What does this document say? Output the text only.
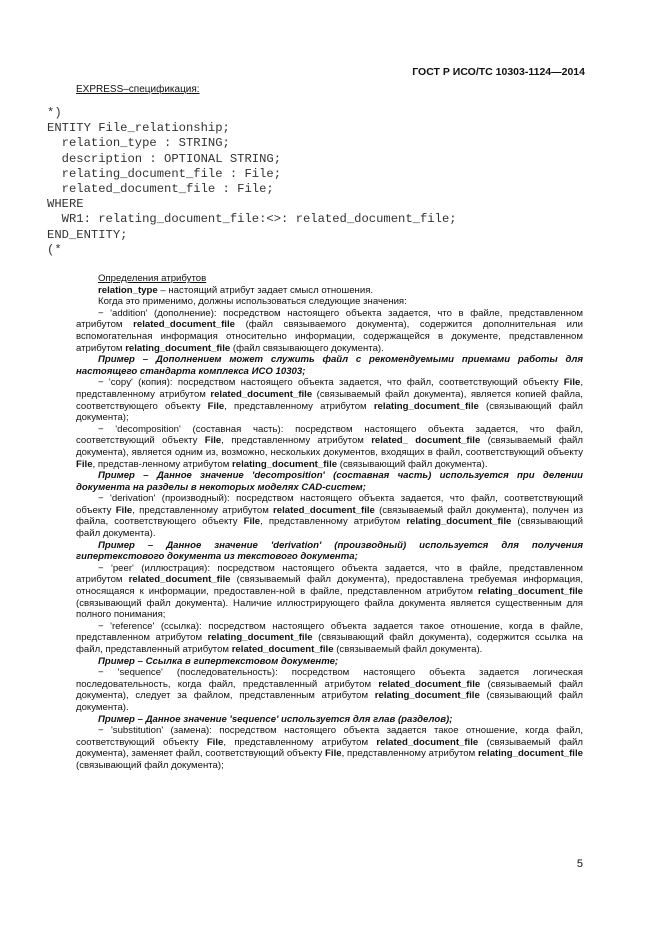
ГОСТ Р ИСО/ТС 10303-1124—2014
EXPRESS–спецификация:
*)
ENTITY File_relationship;
relation_type : STRING;
description : OPTIONAL STRING;
relating_document_file : File;
related_document_file : File;
WHERE
WR1: relating_document_file:<>: related_document_file;
END_ENTITY;
(*

Определения атрибутов

relation_type – настоящий атрибут задает смысл отношения.

Когда это применимо, должны использоваться следующие значения:

− 'addition' (дополнение): посредством настоящего объекта задается, что в файле, представленном атрибутом related_document_file (файл связываемого документа), содержится дополнительная или вспомогательная информация относительно информации, содержащейся в документе, представленном атрибутом relating_document_file (файл связывающего документа).

Пример – Дополнением может служить файл с рекомендуемыми приемами работы для настоящего стандарта комплекса ИСО 10303;

− 'copy' (копия): посредством настоящего объекта задается, что файл, соответствующий объекту File, представленному атрибутом related_document_file (связываемый файл документа), является копией файла, соответствующего объекту File, представленному атрибутом relating_document_file (связывающий файл документа);

− 'decomposition' (составная часть): посредством настоящего объекта задается, что файл, соответствующий объекту File, представленному атрибутом related_ document_file (связываемый файл документа), является одним из, возможно, нескольких документов, входящих в файл, соответствующий объекту File, представ-ленному атрибутом relating_document_file (связывающий файл документа).

Пример – Данное значение 'decomposition' (составная часть) используется при делении документа на разделы в некоторых моделях CAD-систем;

− 'derivation' (производный): посредством настоящего объекта задается, что файл, соответствующий объекту File, представленному атрибутом related_document_file (связываемый файл документа), получен из файла, соответствующего объекту File, представленному атрибутом relating_document_file (связывающий файл документа).

Пример – Данное значение 'derivation' (производный) используется для получения гипертекстового документа из текстового документа;

− 'peer' (иллюстрация): посредством настоящего объекта задается, что в файле, представленном атрибутом related_document_file (связываемый файл документа), предоставлена требуемая информация, относящаяся к информации, предоставлен-ной в файле, представленном атрибутом relating_document_file (связывающий файл документа). Наличие иллюстрирующего файла документа является существенным для полного понимания;

− 'reference' (ссылка): посредством настоящего объекта задается такое отношение, когда в файле, представленном атрибутом relating_document_file (связывающий файл документа), содержится ссылка на файл, представленный атрибутом related_document_file (связываемый файл документа).

Пример – Ссылка в гипертекстовом документе;

− 'sequence' (последовательность): посредством настоящего объекта задается логическая последовательность, когда файл, представленный атрибутом related_document_file (связываемый файл документа), следует за файлом, представленным атрибутом relating_document_file (связывающий файл документа).

Пример – Данное значение 'sequence' используется для глав (разделов);

− 'substitution' (замена): посредством настоящего объекта задается такое отношение, когда файл, соответствующий объекту File, представленному атрибутом related_document_file (связываемый файл документа), заменяет файл, соответствующий объекту File, представленному атрибутом relating_document_file (связывающий файл документа);

5
